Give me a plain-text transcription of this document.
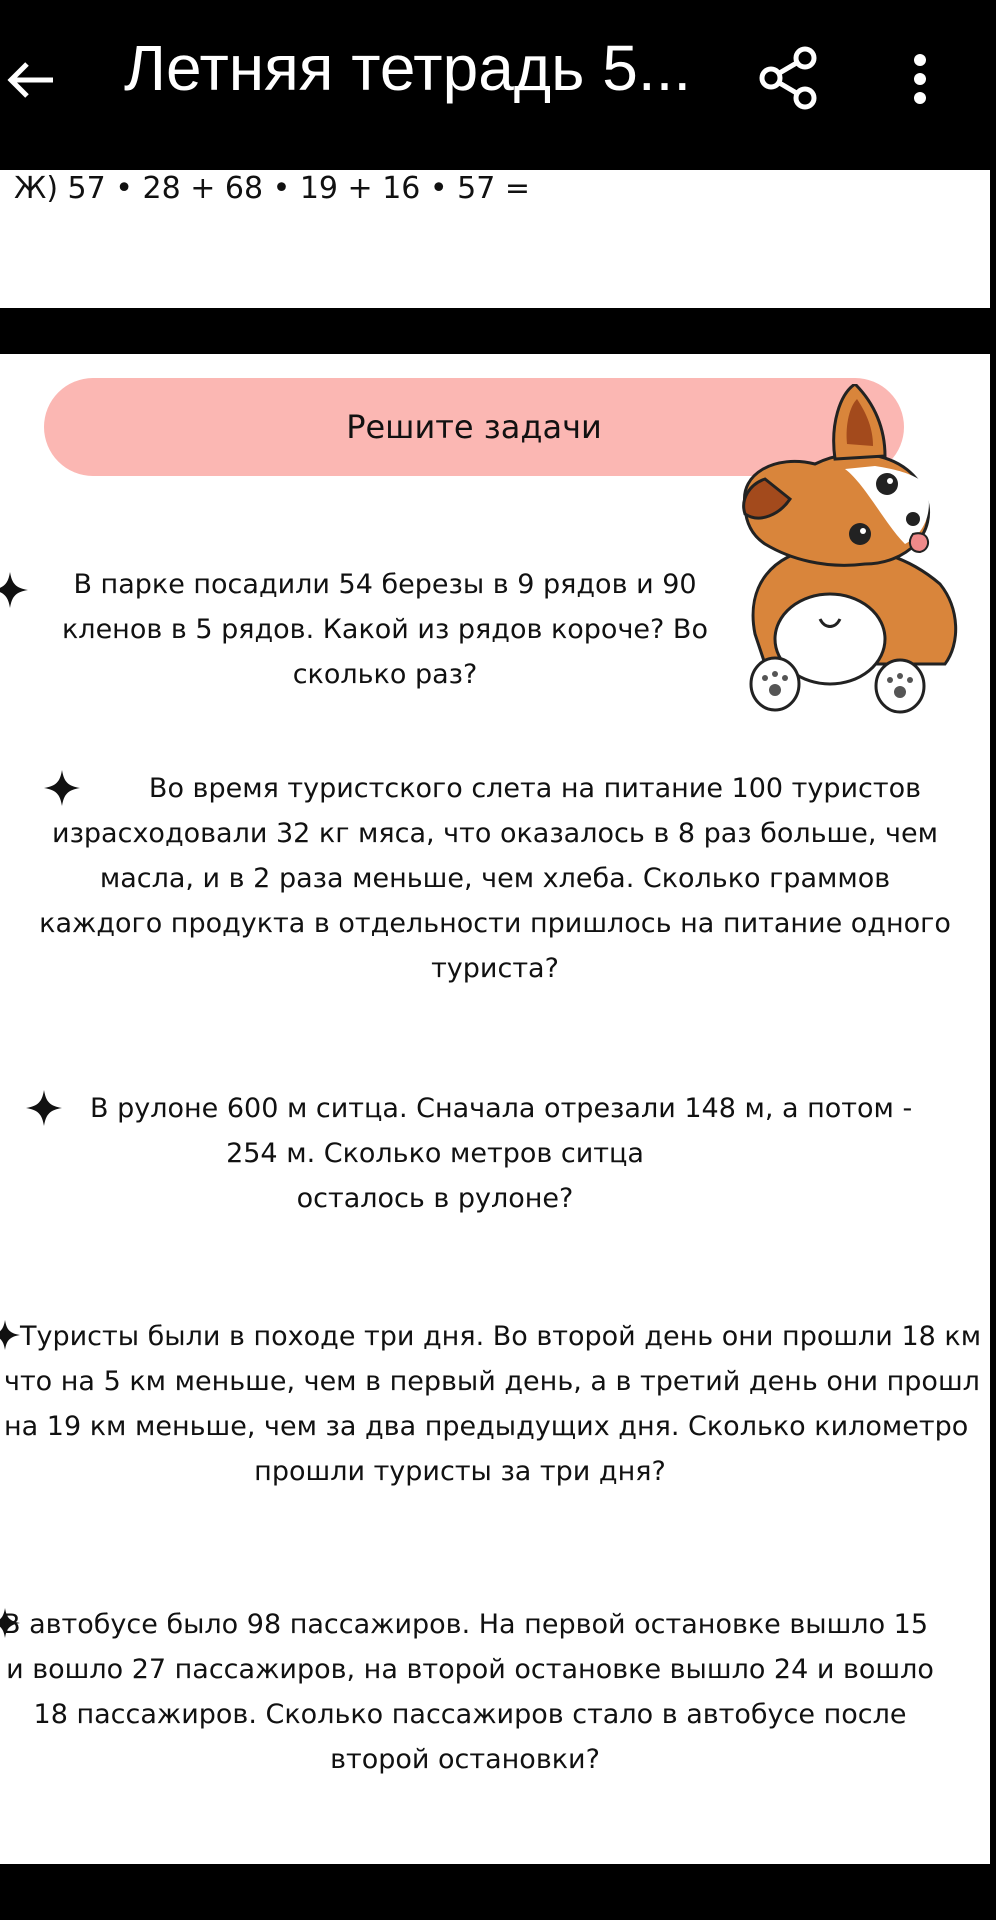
Летняя тетрадь 5...
Ж) 57 • 28 + 68 • 19 + 16 • 57 =
Решите задачи
В парке посадили 54 березы в 9 рядов и 90
кленов в 5 рядов. Какой из рядов короче? Во
сколько раз?
Во время туристского слета на питание 100 туристов
израсходовали 32 кг мяса, что оказалось в 8 раз больше, чем
масла, и в 2 раза меньше, чем хлеба. Сколько граммов
каждого продукта в отдельности пришлось на питание одного
туриста?
В рулоне 600 м ситца. Сначала отрезали 148 м, а потом -
254 м. Сколько метров ситца
осталось в рулоне?
Туристы были в походе три дня. Во второй день они прошли 18 км
что на 5 км меньше, чем в первый день, а в третий день они прошл
на 19 км меньше, чем за два предыдущих дня. Сколько километро
прошли туристы за три дня?
В автобусе было 98 пассажиров. На первой остановке вышло 15
и вошло 27 пассажиров, на второй остановке вышло 24 и вошло
18 пассажиров. Сколько пассажиров стало в автобусе после
второй остановки?
